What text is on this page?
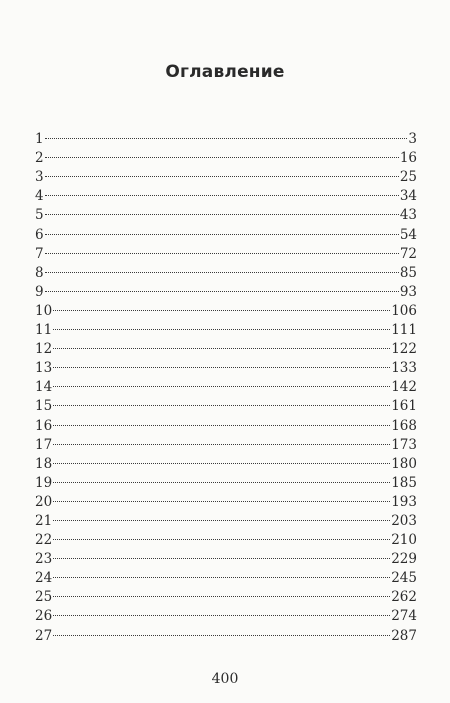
Оглавление
1	3
2	16
3	25
4	34
5	43
6	54
7	72
8	85
9	93
10	106
11	111
12	122
13	133
14	142
15	161
16	168
17	173
18	180
19	185
20	193
21	203
22	210
23	229
24	245
25	262
26	274
27	287
400
